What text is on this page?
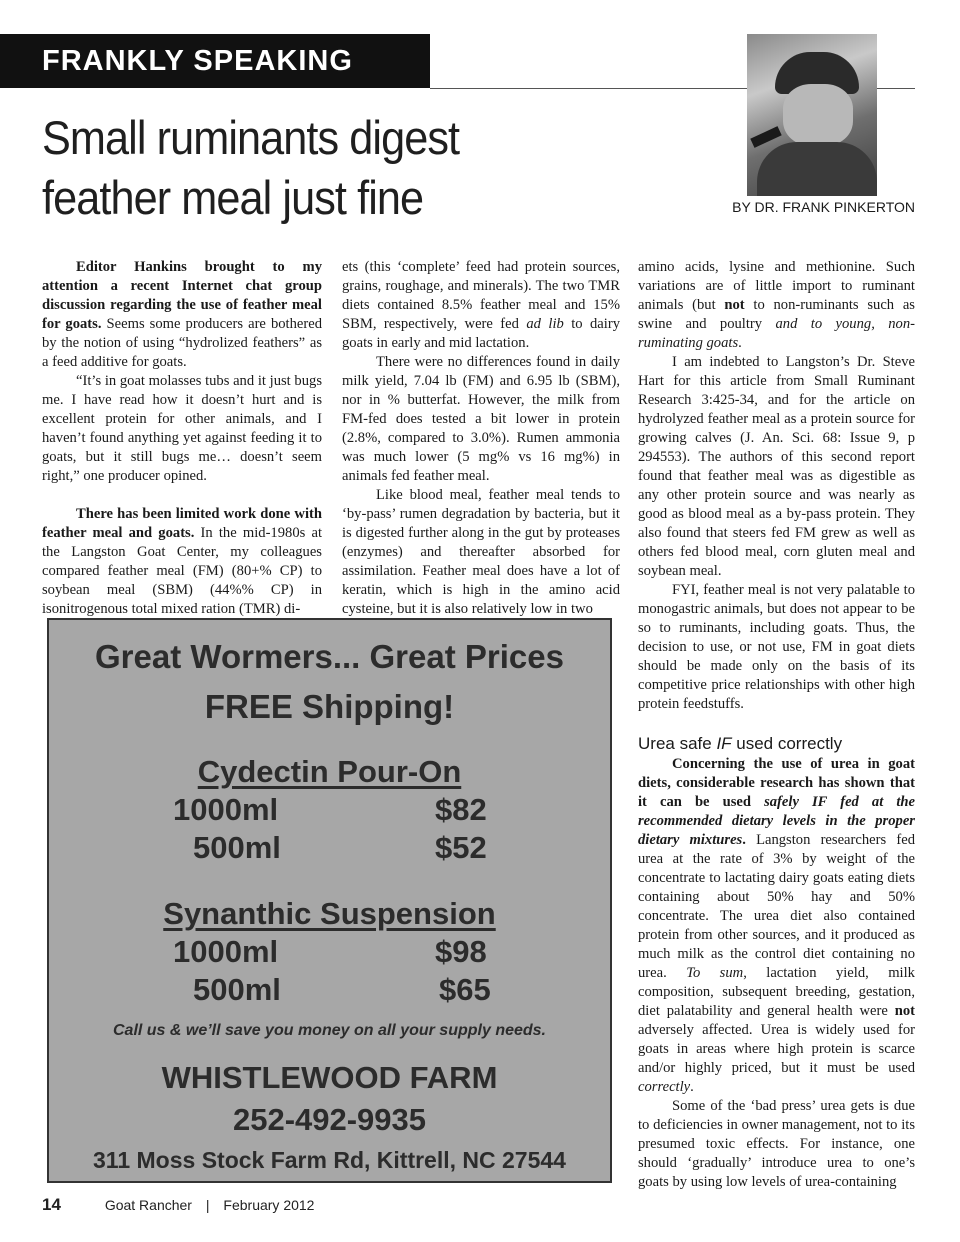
FRANKLY SPEAKING
Small ruminants digest
feather meal just fine	BY DR. FRANK PINKERTON

Editor Hankins brought to my attention a recent Internet chat group discussion regarding the use of feather meal for goats. Seems some producers are bothered by the notion of using “hydrolized feathers” as a feed additive for goats.

“It’s in goat molasses tubs and it just bugs me. I have read how it doesn’t hurt and is excellent protein for other animals, and I haven’t found anything yet against feeding it to goats, but it still bugs me… doesn’t seem right,” one producer opined.

There has been limited work done with feather meal and goats. In the mid-1980s at the Langston Goat Center, my colleagues compared feather meal (FM) (80+% CP) to soybean meal (SBM) (44%% CP) in isonitrogenous total mixed ration (TMR) di-

ets (this ‘complete’ feed had protein sources, grains, roughage, and minerals). The two TMR diets contained 8.5% feather meal and 15% SBM, respectively, were fed ad lib to dairy goats in early and mid lactation.

There were no differences found in daily milk yield, 7.04 lb (FM) and 6.95 lb (SBM), nor in % butterfat. However, the milk from FM-fed does tested a bit lower in protein (2.8%, compared to 3.0%). Rumen ammonia was much lower (5 mg% vs 16 mg%) in animals fed feather meal.

Like blood meal, feather meal tends to ‘by-pass’ rumen degradation by bacteria, but it is digested further along in the gut by proteases (enzymes) and thereafter absorbed for assimilation. Feather meal does have a lot of keratin, which is high in the amino acid cysteine, but it is also relatively low in two

amino acids, lysine and methionine. Such variations are of little import to ruminant animals (but not to non-ruminants such as swine and poultry and to young, non-ruminating goats.

I am indebted to Langston’s Dr. Steve Hart for this article from Small Ruminant Research 3:425-34, and for the article on hydrolyzed feather meal as a protein source for growing calves (J. An. Sci. 68: Issue 9, p 294553). The authors of this second report found that feather meal was as digestible as any other protein source and was nearly as good as blood meal as a by-pass protein. They also found that steers fed FM grew as well as others fed blood meal, corn gluten meal and soybean meal.

FYI, feather meal is not very palatable to monogastric animals, but does not appear to be so to ruminants, including goats. Thus, the decision to use, or not use, FM in goat diets should be made only on the basis of its competitive price relationships with other high protein feedstuffs.

Urea safe IF used correctly

Concerning the use of urea in goat diets, considerable research has shown that it can be used safely IF fed at the recommended dietary levels in the proper dietary mixtures. Langston researchers fed urea at the rate of 3% by weight of the concentrate to lactating dairy goats eating diets containing about 50% hay and 50% concentrate. The urea diet also contained protein from other sources, and it produced as much milk as the control diet containing no urea. To sum, lactation yield, milk composition, subsequent breeding, gestation, diet palatability and general health were not adversely affected. Urea is widely used for goats in areas where high protein is scarce and/or highly priced, but it must be used correctly.

Some of the ‘bad press’ urea gets is due to deficiencies in owner management, not to its presumed toxic effects. For instance, one should ‘gradually’ introduce urea to one’s goats by using low levels of urea-containing

Great Wormers... Great Prices
FREE Shipping!
Cydectin Pour-On
1000ml	$82
500ml	$52
Synanthic Suspension
1000ml	$98
500ml	$65
Call us & we’ll save you money on all your supply needs.
WHISTLEWOOD FARM
252-492-9935
311 Moss Stock Farm Rd, Kittrell, NC 27544
14	Goat Rancher | February 2012
